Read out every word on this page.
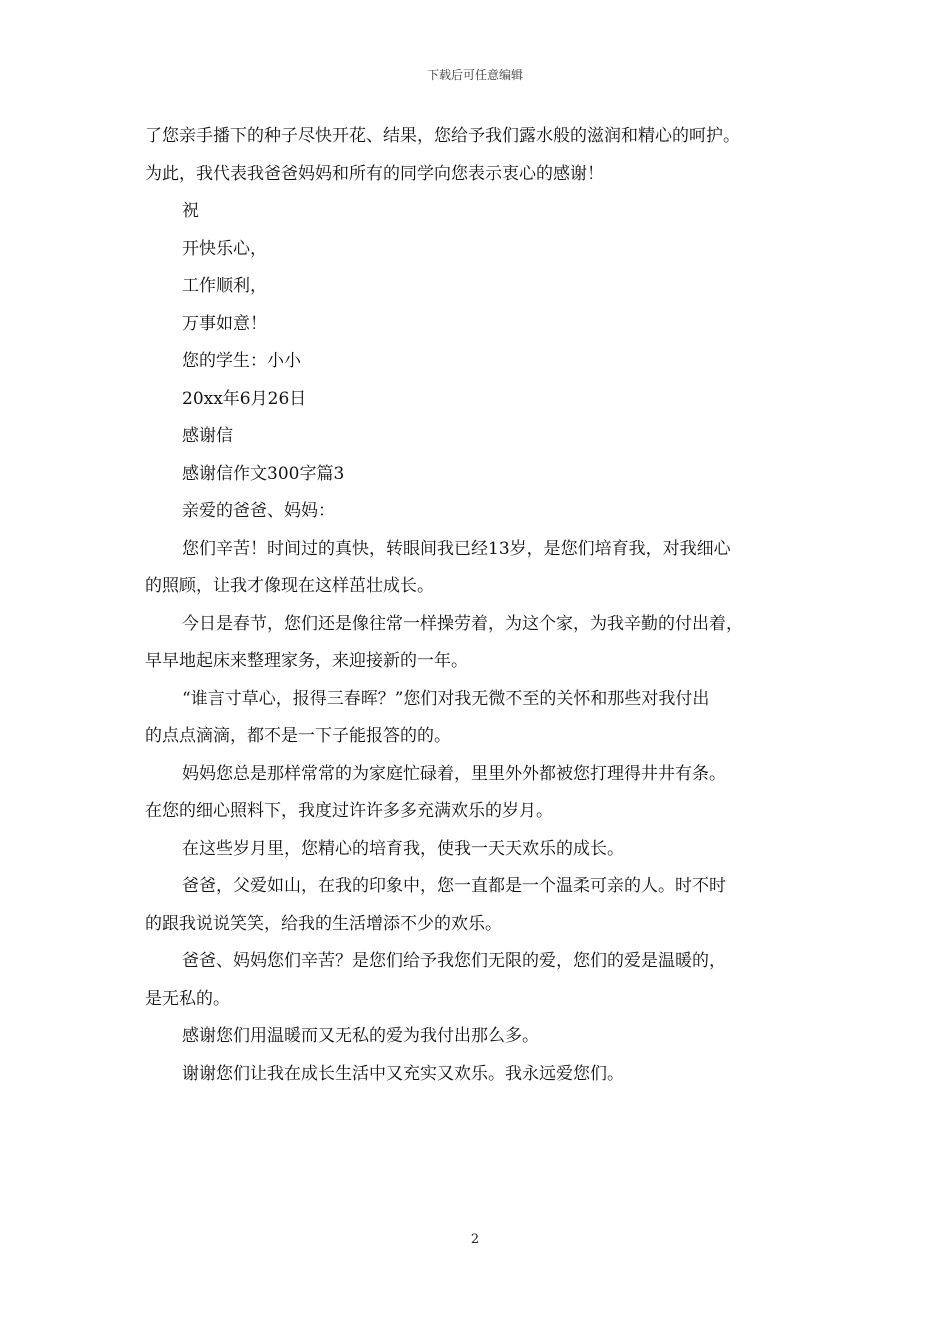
下载后可任意编辑
了您亲手播下的种子尽快开花、结果，您给予我们露水般的滋润和精心的呵护。
为此，我代表我爸爸妈妈和所有的同学向您表示衷心的感谢！
祝
开快乐心，
工作顺利，
万事如意！
您的学生：小小
20xx年6月26日
感谢信
感谢信作文300字篇3
亲爱的爸爸、妈妈：
您们辛苦！时间过的真快，转眼间我已经13岁，是您们培育我，对我细心
的照顾，让我才像现在这样茁壮成长。
今日是春节，您们还是像往常一样操劳着，为这个家，为我辛勤的付出着，
早早地起床来整理家务，来迎接新的一年。
“谁言寸草心，报得三春晖？”您们对我无微不至的关怀和那些对我付出
的点点滴滴，都不是一下子能报答的的。
妈妈您总是那样常常的为家庭忙碌着，里里外外都被您打理得井井有条。
在您的细心照料下，我度过许许多多充满欢乐的岁月。
在这些岁月里，您精心的培育我，使我一天天欢乐的成长。
爸爸，父爱如山，在我的印象中，您一直都是一个温柔可亲的人。时不时
的跟我说说笑笑，给我的生活增添不少的欢乐。
爸爸、妈妈您们辛苦？是您们给予我您们无限的爱，您们的爱是温暖的，
是无私的。
感谢您们用温暖而又无私的爱为我付出那么多。
谢谢您们让我在成长生活中又充实又欢乐。我永远爱您们。
2
